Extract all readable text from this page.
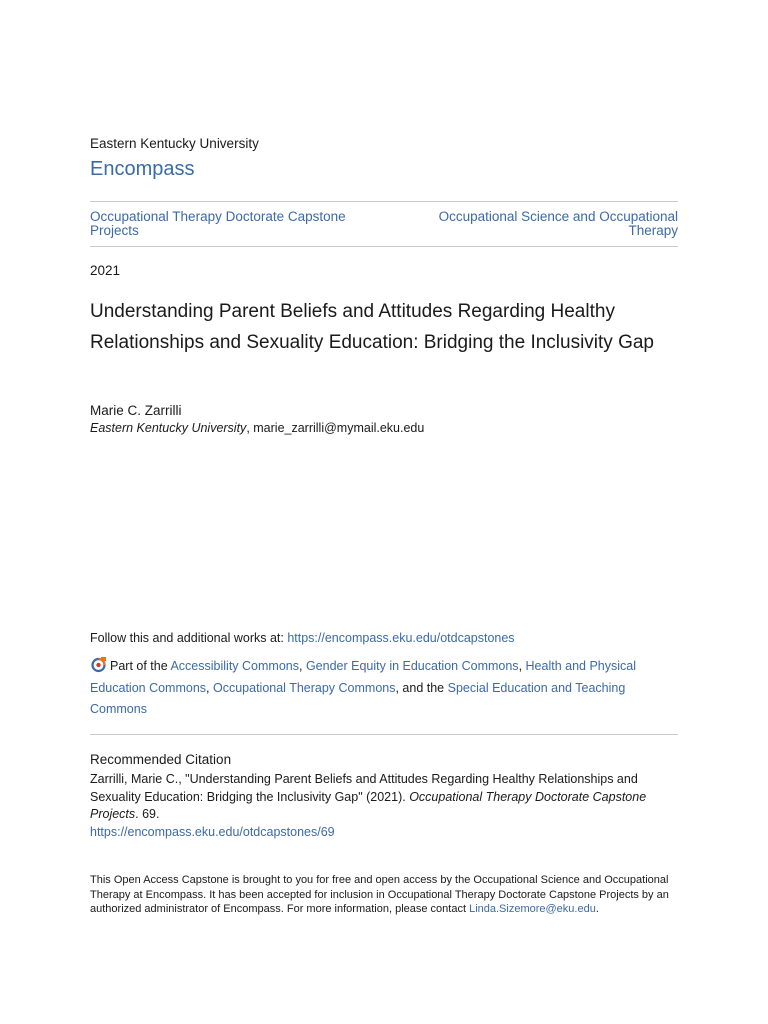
Eastern Kentucky University
Encompass
Occupational Therapy Doctorate Capstone Projects
Occupational Science and Occupational Therapy
2021
Understanding Parent Beliefs and Attitudes Regarding Healthy Relationships and Sexuality Education: Bridging the Inclusivity Gap
Marie C. Zarrilli
Eastern Kentucky University, marie_zarrilli@mymail.eku.edu
Follow this and additional works at: https://encompass.eku.edu/otdcapstones
Part of the Accessibility Commons, Gender Equity in Education Commons, Health and Physical Education Commons, Occupational Therapy Commons, and the Special Education and Teaching Commons
Recommended Citation
Zarrilli, Marie C., "Understanding Parent Beliefs and Attitudes Regarding Healthy Relationships and Sexuality Education: Bridging the Inclusivity Gap" (2021). Occupational Therapy Doctorate Capstone Projects. 69.
https://encompass.eku.edu/otdcapstones/69
This Open Access Capstone is brought to you for free and open access by the Occupational Science and Occupational Therapy at Encompass. It has been accepted for inclusion in Occupational Therapy Doctorate Capstone Projects by an authorized administrator of Encompass. For more information, please contact Linda.Sizemore@eku.edu.
